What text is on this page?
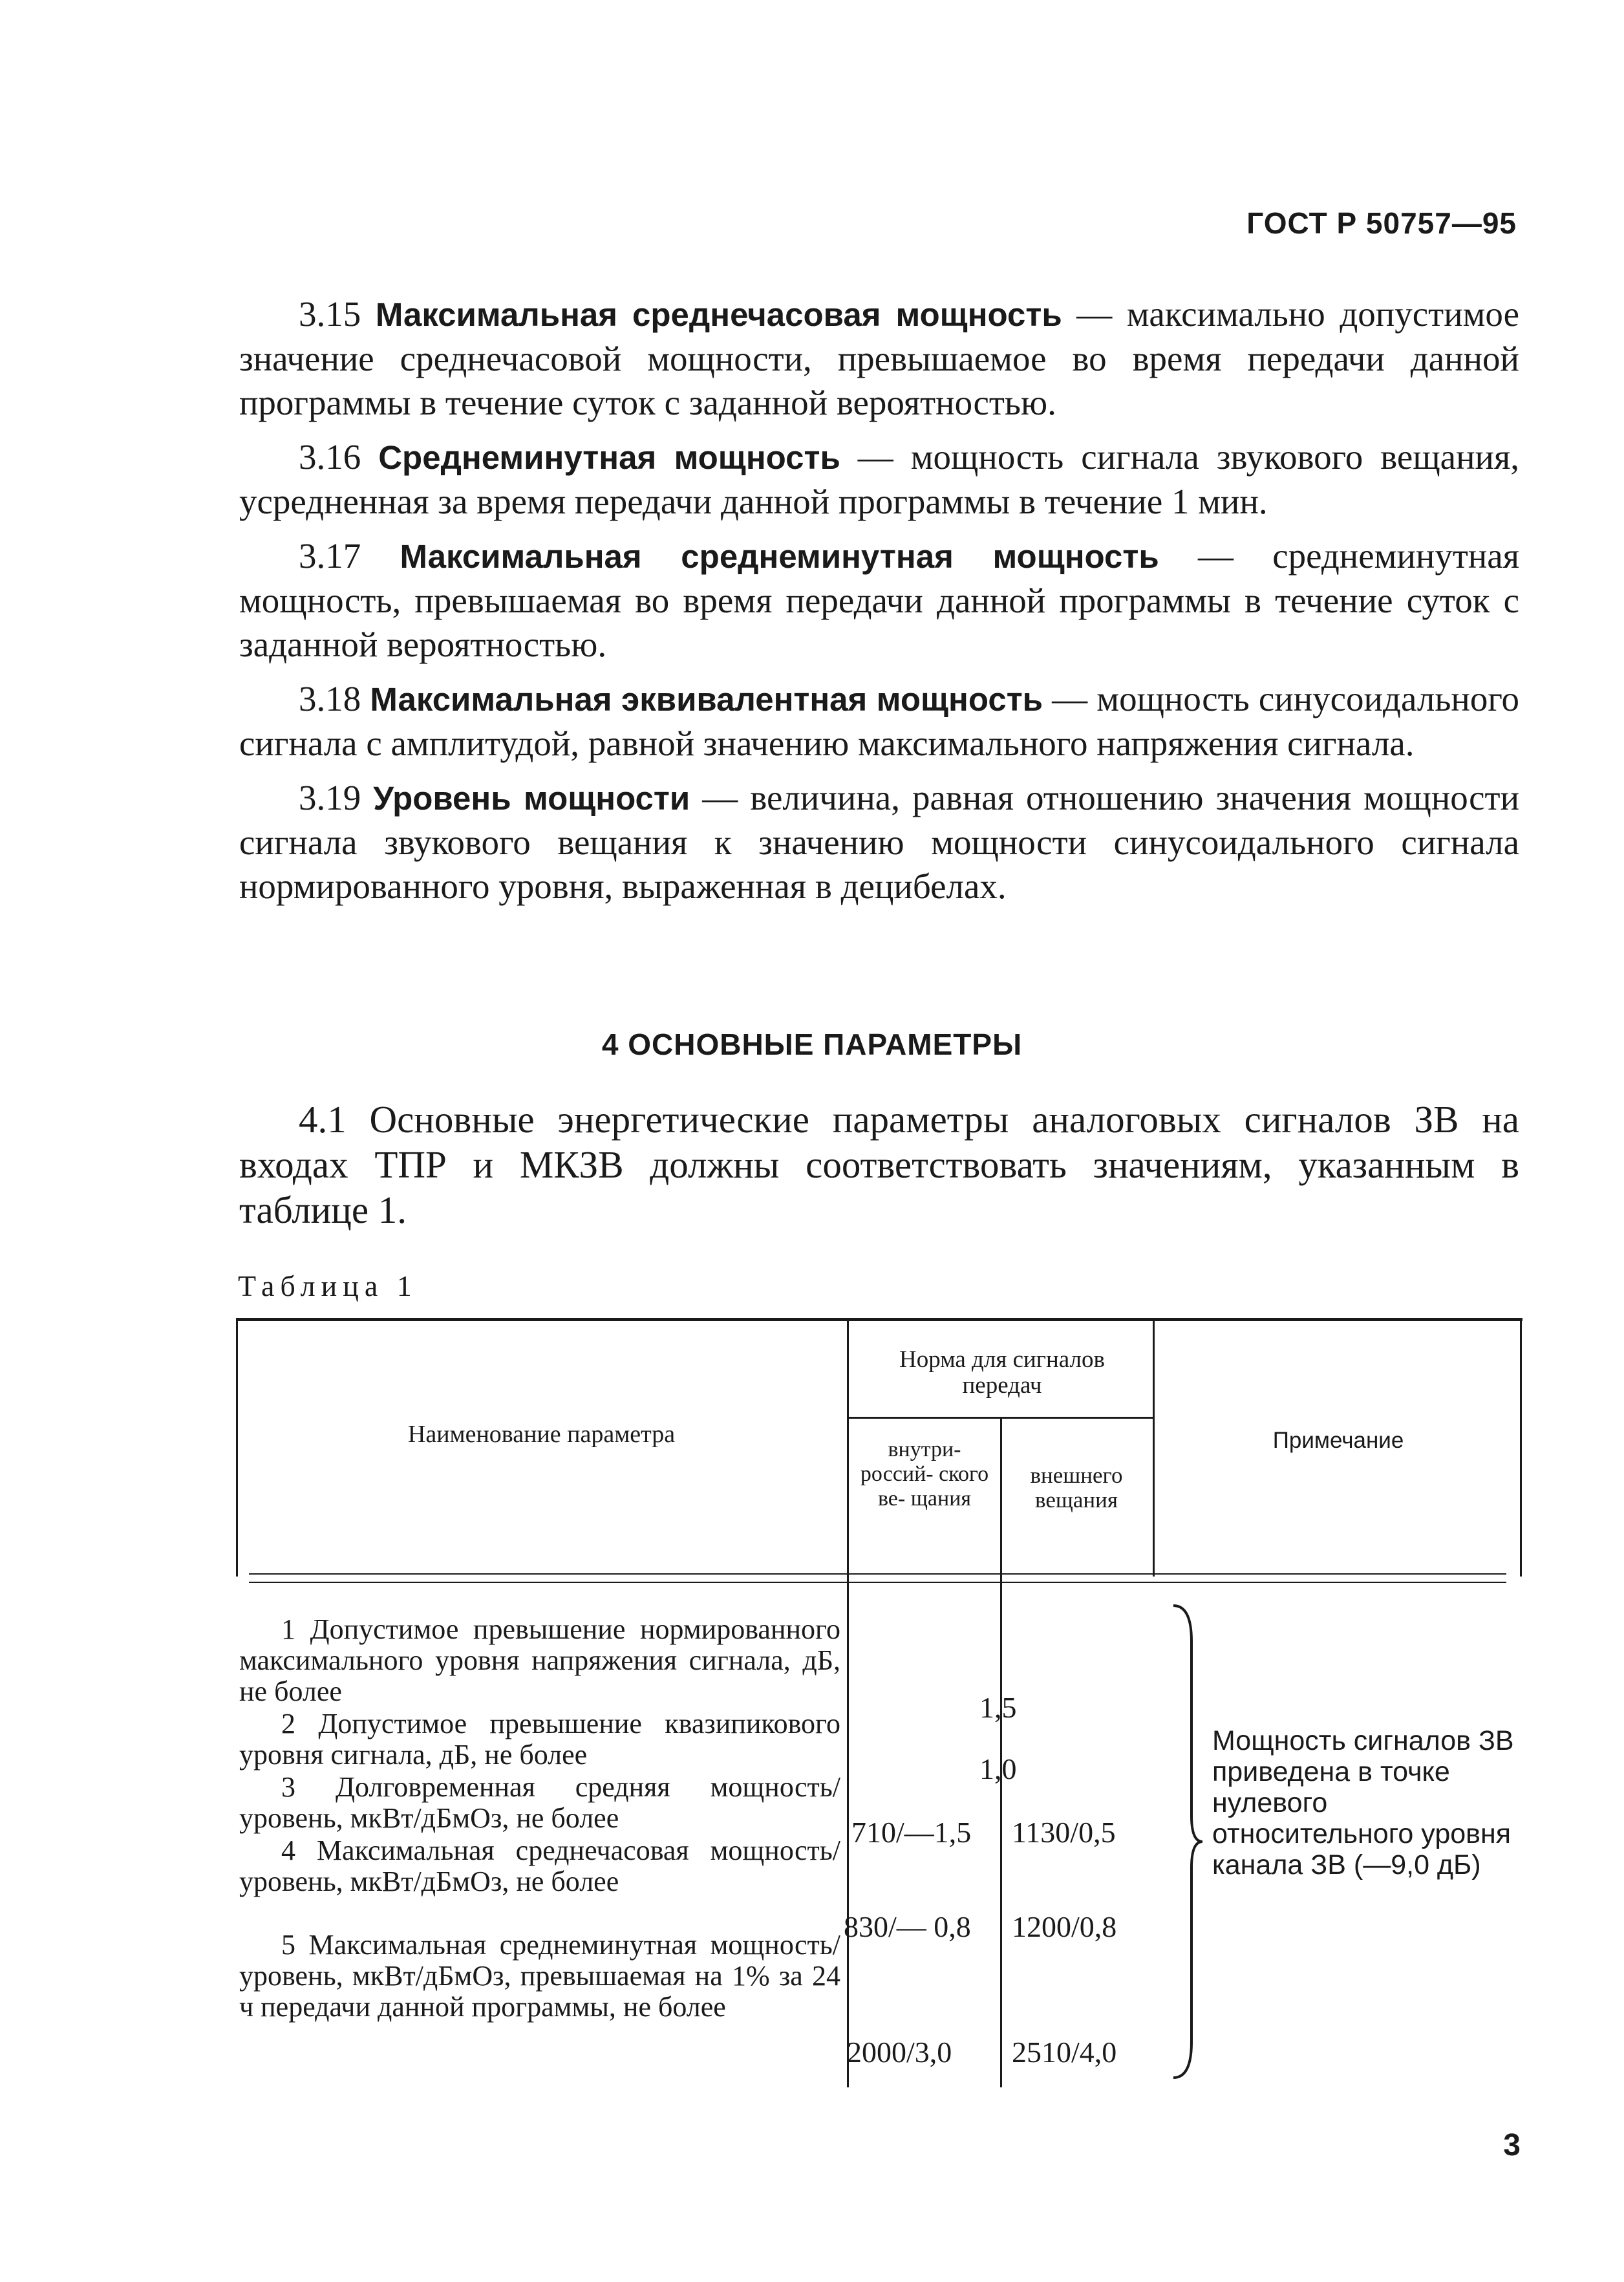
ГОСТ Р 50757—95

3.15 Максимальная среднечасовая мощность — максимально допустимое значение среднечасовой мощности, превышаемое во время передачи данной программы в течение суток с заданной вероятностью.

3.16 Среднеминутная мощность — мощность сигнала звукового вещания, усредненная за время передачи данной программы в течение 1 мин.

3.17 Максимальная среднеминутная мощность — среднеминутная мощность, превышаемая во время передачи данной программы в течение суток с заданной вероятностью.

3.18 Максимальная эквивалентная мощность — мощность синусоидального сигнала с амплитудой, равной значению максимального напряжения сигнала.

3.19 Уровень мощности — величина, равная отношению значения мощности сигнала звукового вещания к значению мощности синусоидального сигнала нормированного уровня, выраженная в децибелах.

4 ОСНОВНЫЕ ПАРАМЕТРЫ

4.1 Основные энергетические параметры аналоговых сигналов ЗВ на входах ТПР и МКЗВ должны соответствовать значениям, указанным в таблице 1.

Таблица 1
Наименование параметра
Норма для сигналов передач
внутри- россий- ского ве- щания
внешнего вещания
Примечание
1 Допустимое превышение нормированного максимального уровня напряжения сигнала, дБ, не более
2 Допустимое превышение квазипикового уровня сигнала, дБ, не более
3 Долговременная средняя мощность/уровень, мкВт/дБмОз, не более
4 Максимальная среднечасовая мощность/уровень, мкВт/дБмОз, не более
5 Максимальная среднеминутная мощность/уровень, мкВт/дБмОз, превышаемая на 1% за 24 ч передачи данной программы, не более
1,5
1,0
710/—1,5 1130/0,5
830/— 0,8 1200/0,8
2000/3,0 2510/4,0
Мощность сигналов ЗВ приведена в точке нулевого относительного уровня канала ЗВ (—9,0 дБ)
3
